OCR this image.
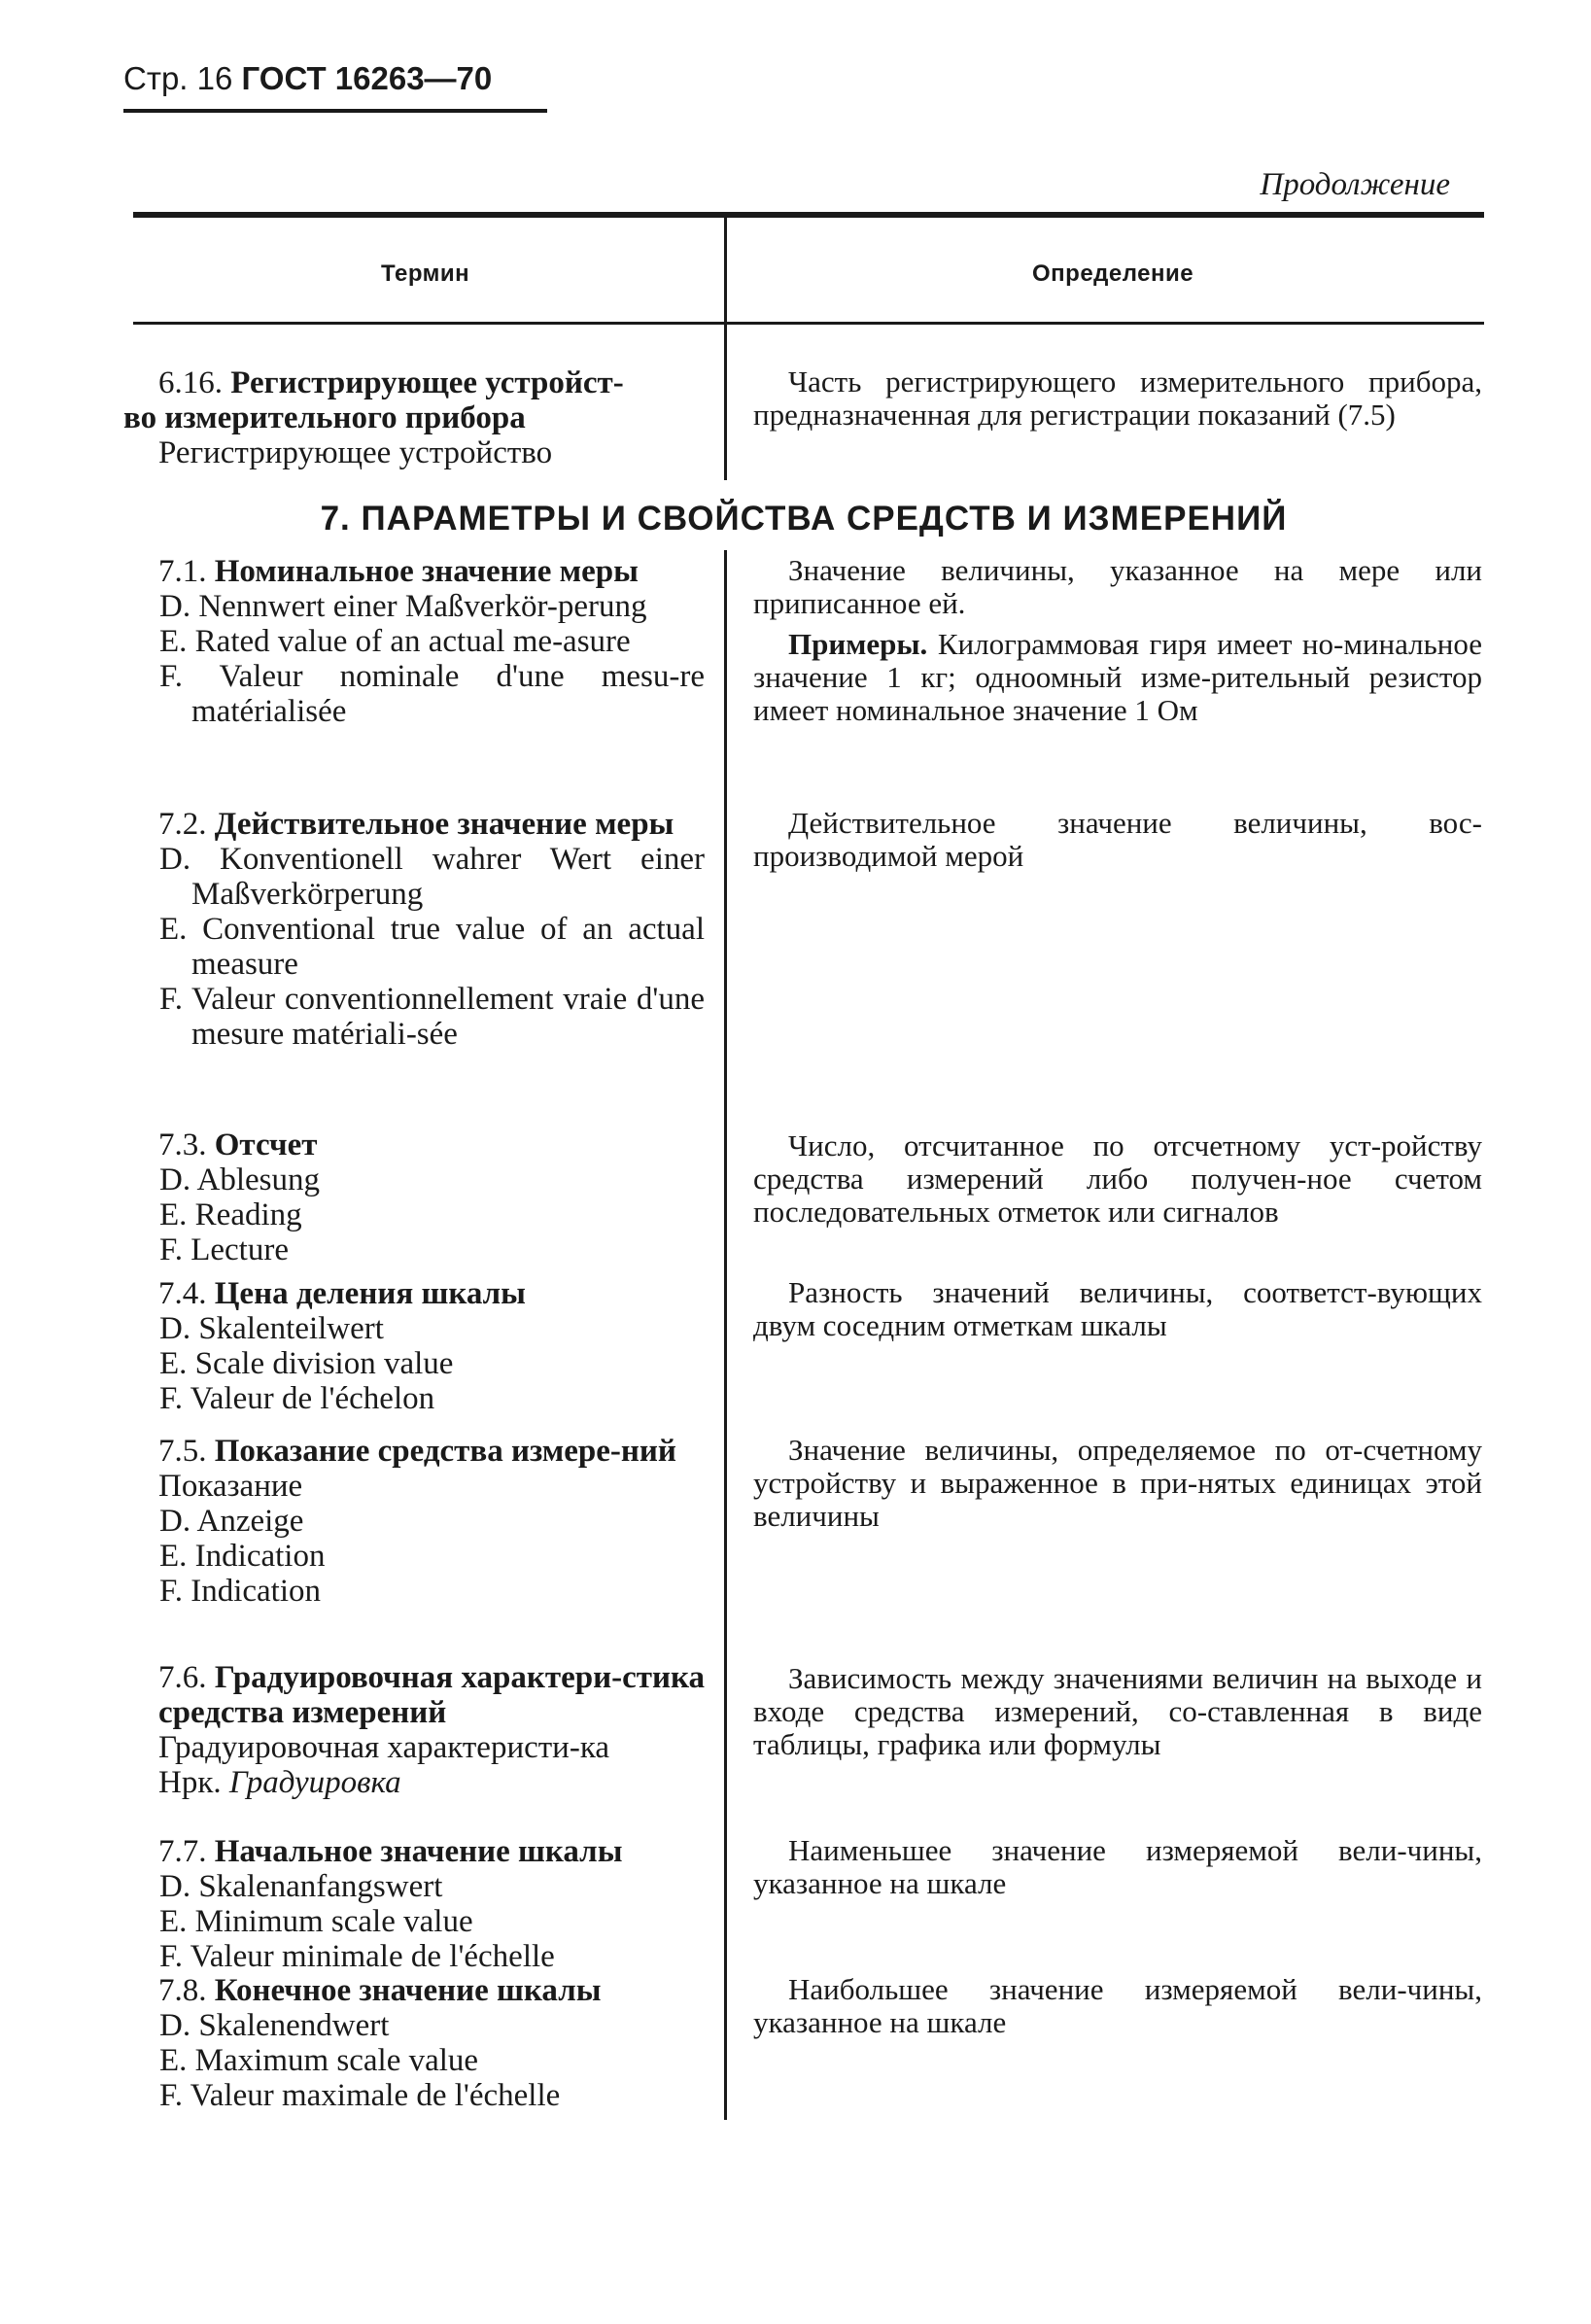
Стр. 16 ГОСТ 16263—70
Продолжение
Термин	Определение
6.16. Регистрирующее устройст-
во измерительного прибора
Регистрирующее устройство

Часть регистрирующего измерительного прибора, предназначенная для регистрации показаний (7.5)

7. ПАРАМЕТРЫ И СВОЙСТВА СРЕДСТВ И ИЗМЕРЕНИЙ
7.1. Номинальное значение меры
D. Nennwert einer Maßverkör-perung
E. Rated value of an actual me-asure
F. Valeur nominale d'une mesu-re matérialisée

Значение величины, указанное на мере или приписанное ей.

Примеры. Килограммовая гиря имеет но-минальное значение 1 кг; одноомный изме-рительный резистор имеет номинальное значение 1 Ом

7.2. Действительное значение меры
D. Konventionell wahrer Wert einer Maßverkörperung
E. Conventional true value of an actual measure
F. Valeur conventionnellement vraie d'une mesure matériali-sée

Действительное значение величины, вос-производимой мерой

7.3. Отсчет
D. Ablesung
E. Reading
F. Lecture

Число, отсчитанное по отсчетному уст-ройству средства измерений либо получен-ное счетом последовательных отметок или сигналов

7.4. Цена деления шкалы
D. Skalenteilwert
E. Scale division value
F. Valeur de l'échelon

Разность значений величины, соответст-вующих двум соседним отметкам шкалы

7.5. Показание средства измере-ний
Показание
D. Anzeige
E. Indication
F. Indication

Значение величины, определяемое по от-счетному устройству и выраженное в при-нятых единицах этой величины

7.6. Градуировочная характери-стика средства измерений
Градуировочная характеристи-ка
Нрк. Градуировка

Зависимость между значениями величин на выходе и входе средства измерений, со-ставленная в виде таблицы, графика или формулы

7.7. Начальное значение шкалы
D. Skalenanfangswert
E. Minimum scale value
F. Valeur minimale de l'échelle

Наименьшее значение измеряемой вели-чины, указанное на шкале

7.8. Конечное значение шкалы
D. Skalenendwert
E. Maximum scale value
F. Valeur maximale de l'échelle

Наибольшее значение измеряемой вели-чины, указанное на шкале
